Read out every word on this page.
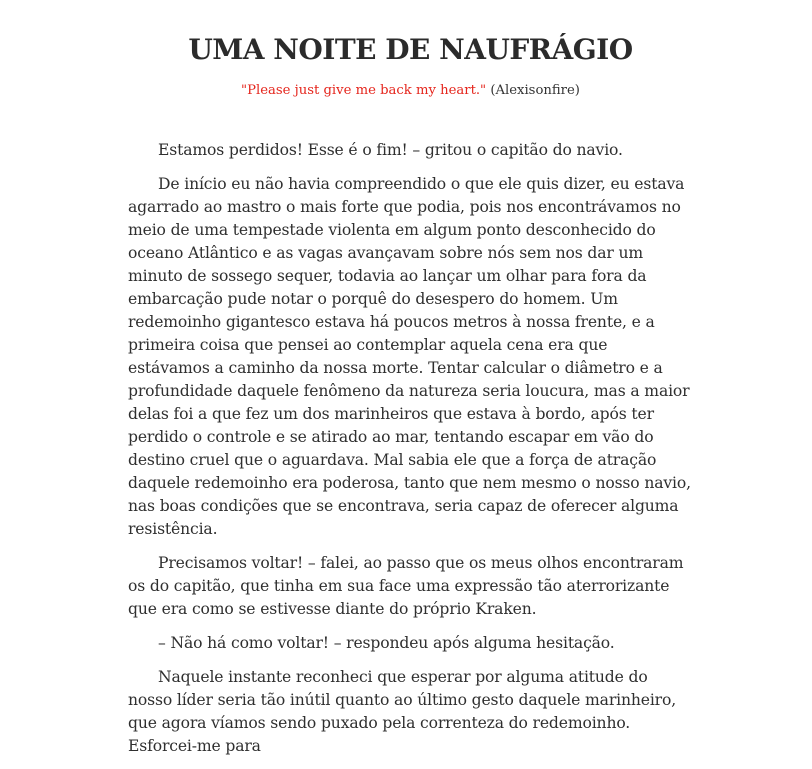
UMA NOITE DE NAUFRÁGIO
"Please just give me back my heart." (Alexisonfire)

Estamos perdidos! Esse é o fim! – gritou o capitão do navio.

De início eu não havia compreendido o que ele quis dizer, eu estava agarrado ao mastro o mais forte que podia, pois nos encontrávamos no meio de uma tempestade violenta em algum ponto desconhecido do oceano Atlântico e as vagas avançavam sobre nós sem nos dar um minuto de sossego sequer, todavia ao lançar um olhar para fora da embarcação pude notar o porquê do desespero do homem. Um redemoinho gigantesco estava há poucos metros à nossa frente, e a primeira coisa que pensei ao contemplar aquela cena era que estávamos a caminho da nossa morte. Tentar calcular o diâmetro e a profundidade daquele fenômeno da natureza seria loucura, mas a maior delas foi a que fez um dos marinheiros que estava à bordo, após ter perdido o controle e se atirado ao mar, tentando escapar em vão do destino cruel que o aguardava. Mal sabia ele que a força de atração daquele redemoinho era poderosa, tanto que nem mesmo o nosso navio, nas boas condições que se encontrava, seria capaz de oferecer alguma resistência.

Precisamos voltar! – falei, ao passo que os meus olhos encontraram os do capitão, que tinha em sua face uma expressão tão aterrorizante que era como se estivesse diante do próprio Kraken.

– Não há como voltar! – respondeu após alguma hesitação.

Naquele instante reconheci que esperar por alguma atitude do nosso líder seria tão inútil quanto ao último gesto daquele marinheiro, que agora víamos sendo puxado pela correnteza do redemoinho. Esforcei-me para
